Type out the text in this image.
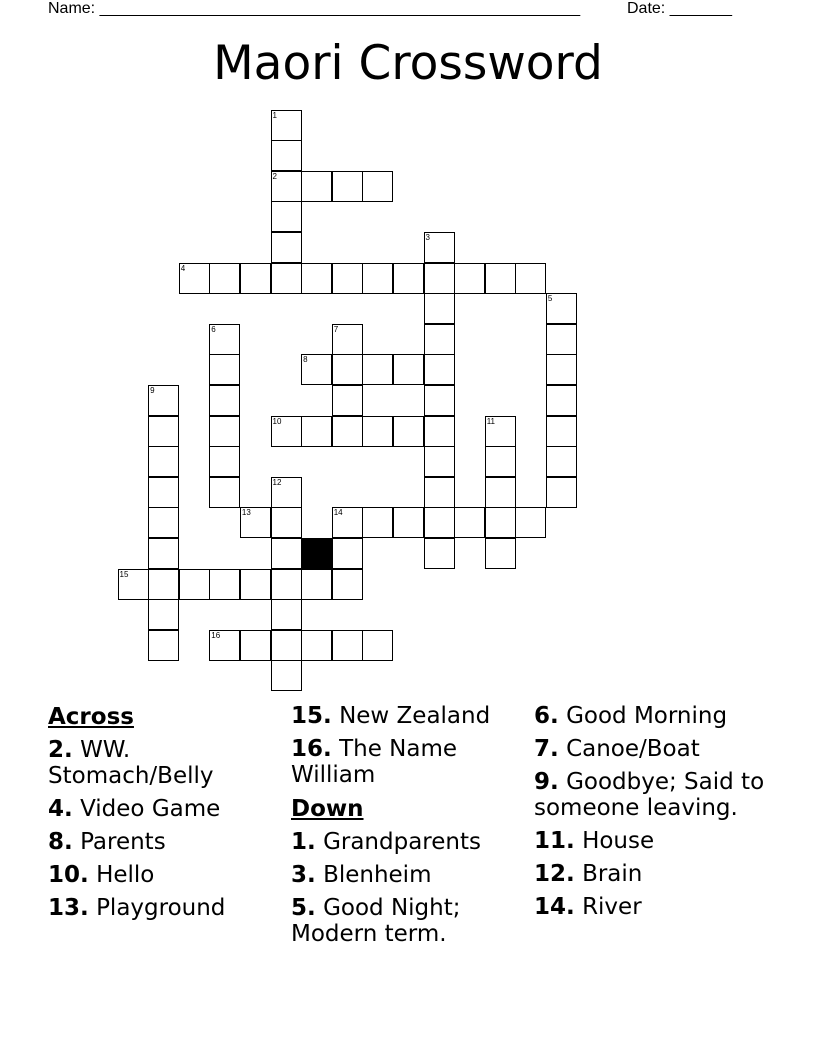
Name: ______________________________________________________	Date: _______
Maori Crossword
1
2
3
4
5
6	7
8
9
10	11
12
13	14
15
16
Across
2. WW. Stomach/Belly
4. Video Game
8. Parents
10. Hello
13. Playground
15. New Zealand
16. The Name William
Down
1. Grandparents
3. Blenheim
5. Good Night; Modern term.
6. Good Morning
7. Canoe/Boat
9. Goodbye; Said to someone leaving.
11. House
12. Brain
14. River
